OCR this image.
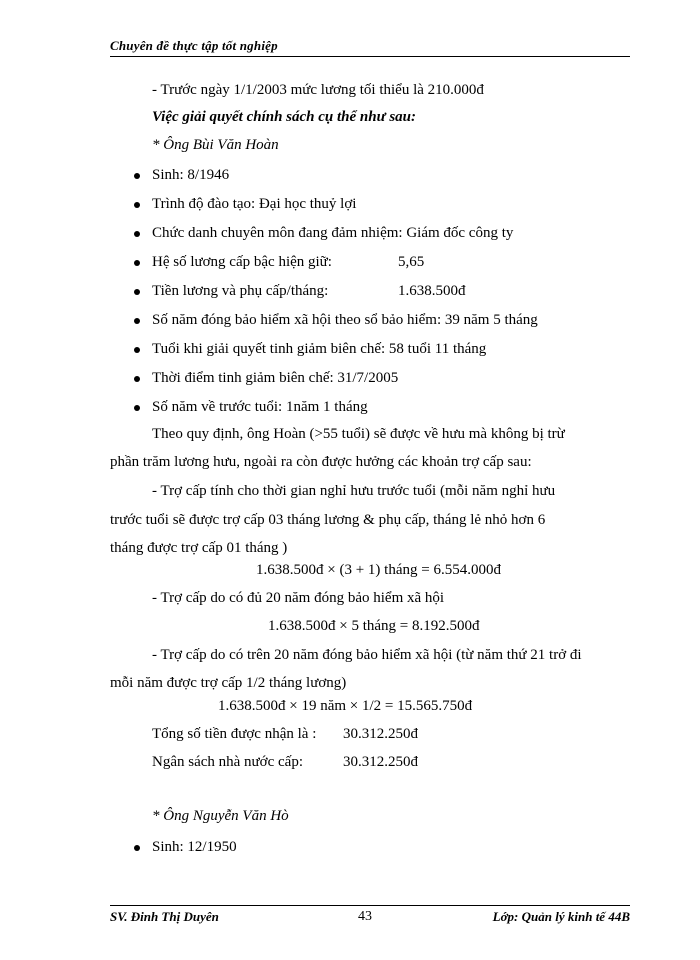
Chuyên đề thực tập tốt nghiệp
- Trước ngày 1/1/2003 mức lương tối thiểu là 210.000đ
Việc giải quyết chính sách cụ thể như sau:
* Ông Bùi Văn Hoàn
Sinh: 8/1946
Trình độ đào tạo: Đại học thuỷ lợi
Chức danh chuyên môn đang đảm nhiệm: Giám đốc công ty
Hệ số lương cấp bậc hiện giữ:	5,65
Tiền lương và phụ cấp/tháng:	1.638.500đ
Số năm đóng bảo hiểm xã hội theo sổ bảo hiểm: 39 năm 5 tháng
Tuổi khi giải quyết tinh giảm biên chế: 58 tuổi 11 tháng
Thời điểm tinh giảm biên chế: 31/7/2005
Số năm về trước tuổi: 1năm 1 tháng
Theo quy định, ông Hoàn (>55 tuổi) sẽ được về hưu mà không bị trừ
phần trăm lương hưu, ngoài ra còn được hưởng các khoản trợ cấp sau:
- Trợ cấp tính cho thời gian nghỉ hưu trước tuổi (mỗi năm nghỉ hưu
trước tuổi sẽ được trợ cấp 03 tháng lương & phụ cấp, tháng lẻ nhỏ hơn 6
tháng được trợ cấp 01 tháng )
1.638.500đ × (3 + 1) tháng = 6.554.000đ
- Trợ cấp do có đủ 20 năm đóng bảo hiểm xã hội
1.638.500đ × 5 tháng = 8.192.500đ
- Trợ cấp do có trên 20 năm đóng bảo hiểm xã hội (từ năm thứ 21 trở đi
mỗi năm được trợ cấp 1/2 tháng lương)
1.638.500đ × 19 năm × 1/2 = 15.565.750đ
Tổng số tiền được nhận là : 30.312.250đ
Ngân sách nhà nước cấp:	30.312.250đ
* Ông Nguyễn Văn Hò
Sinh: 12/1950
SV. Đinh Thị Duyên	43	Lớp: Quản lý kinh tế 44B
